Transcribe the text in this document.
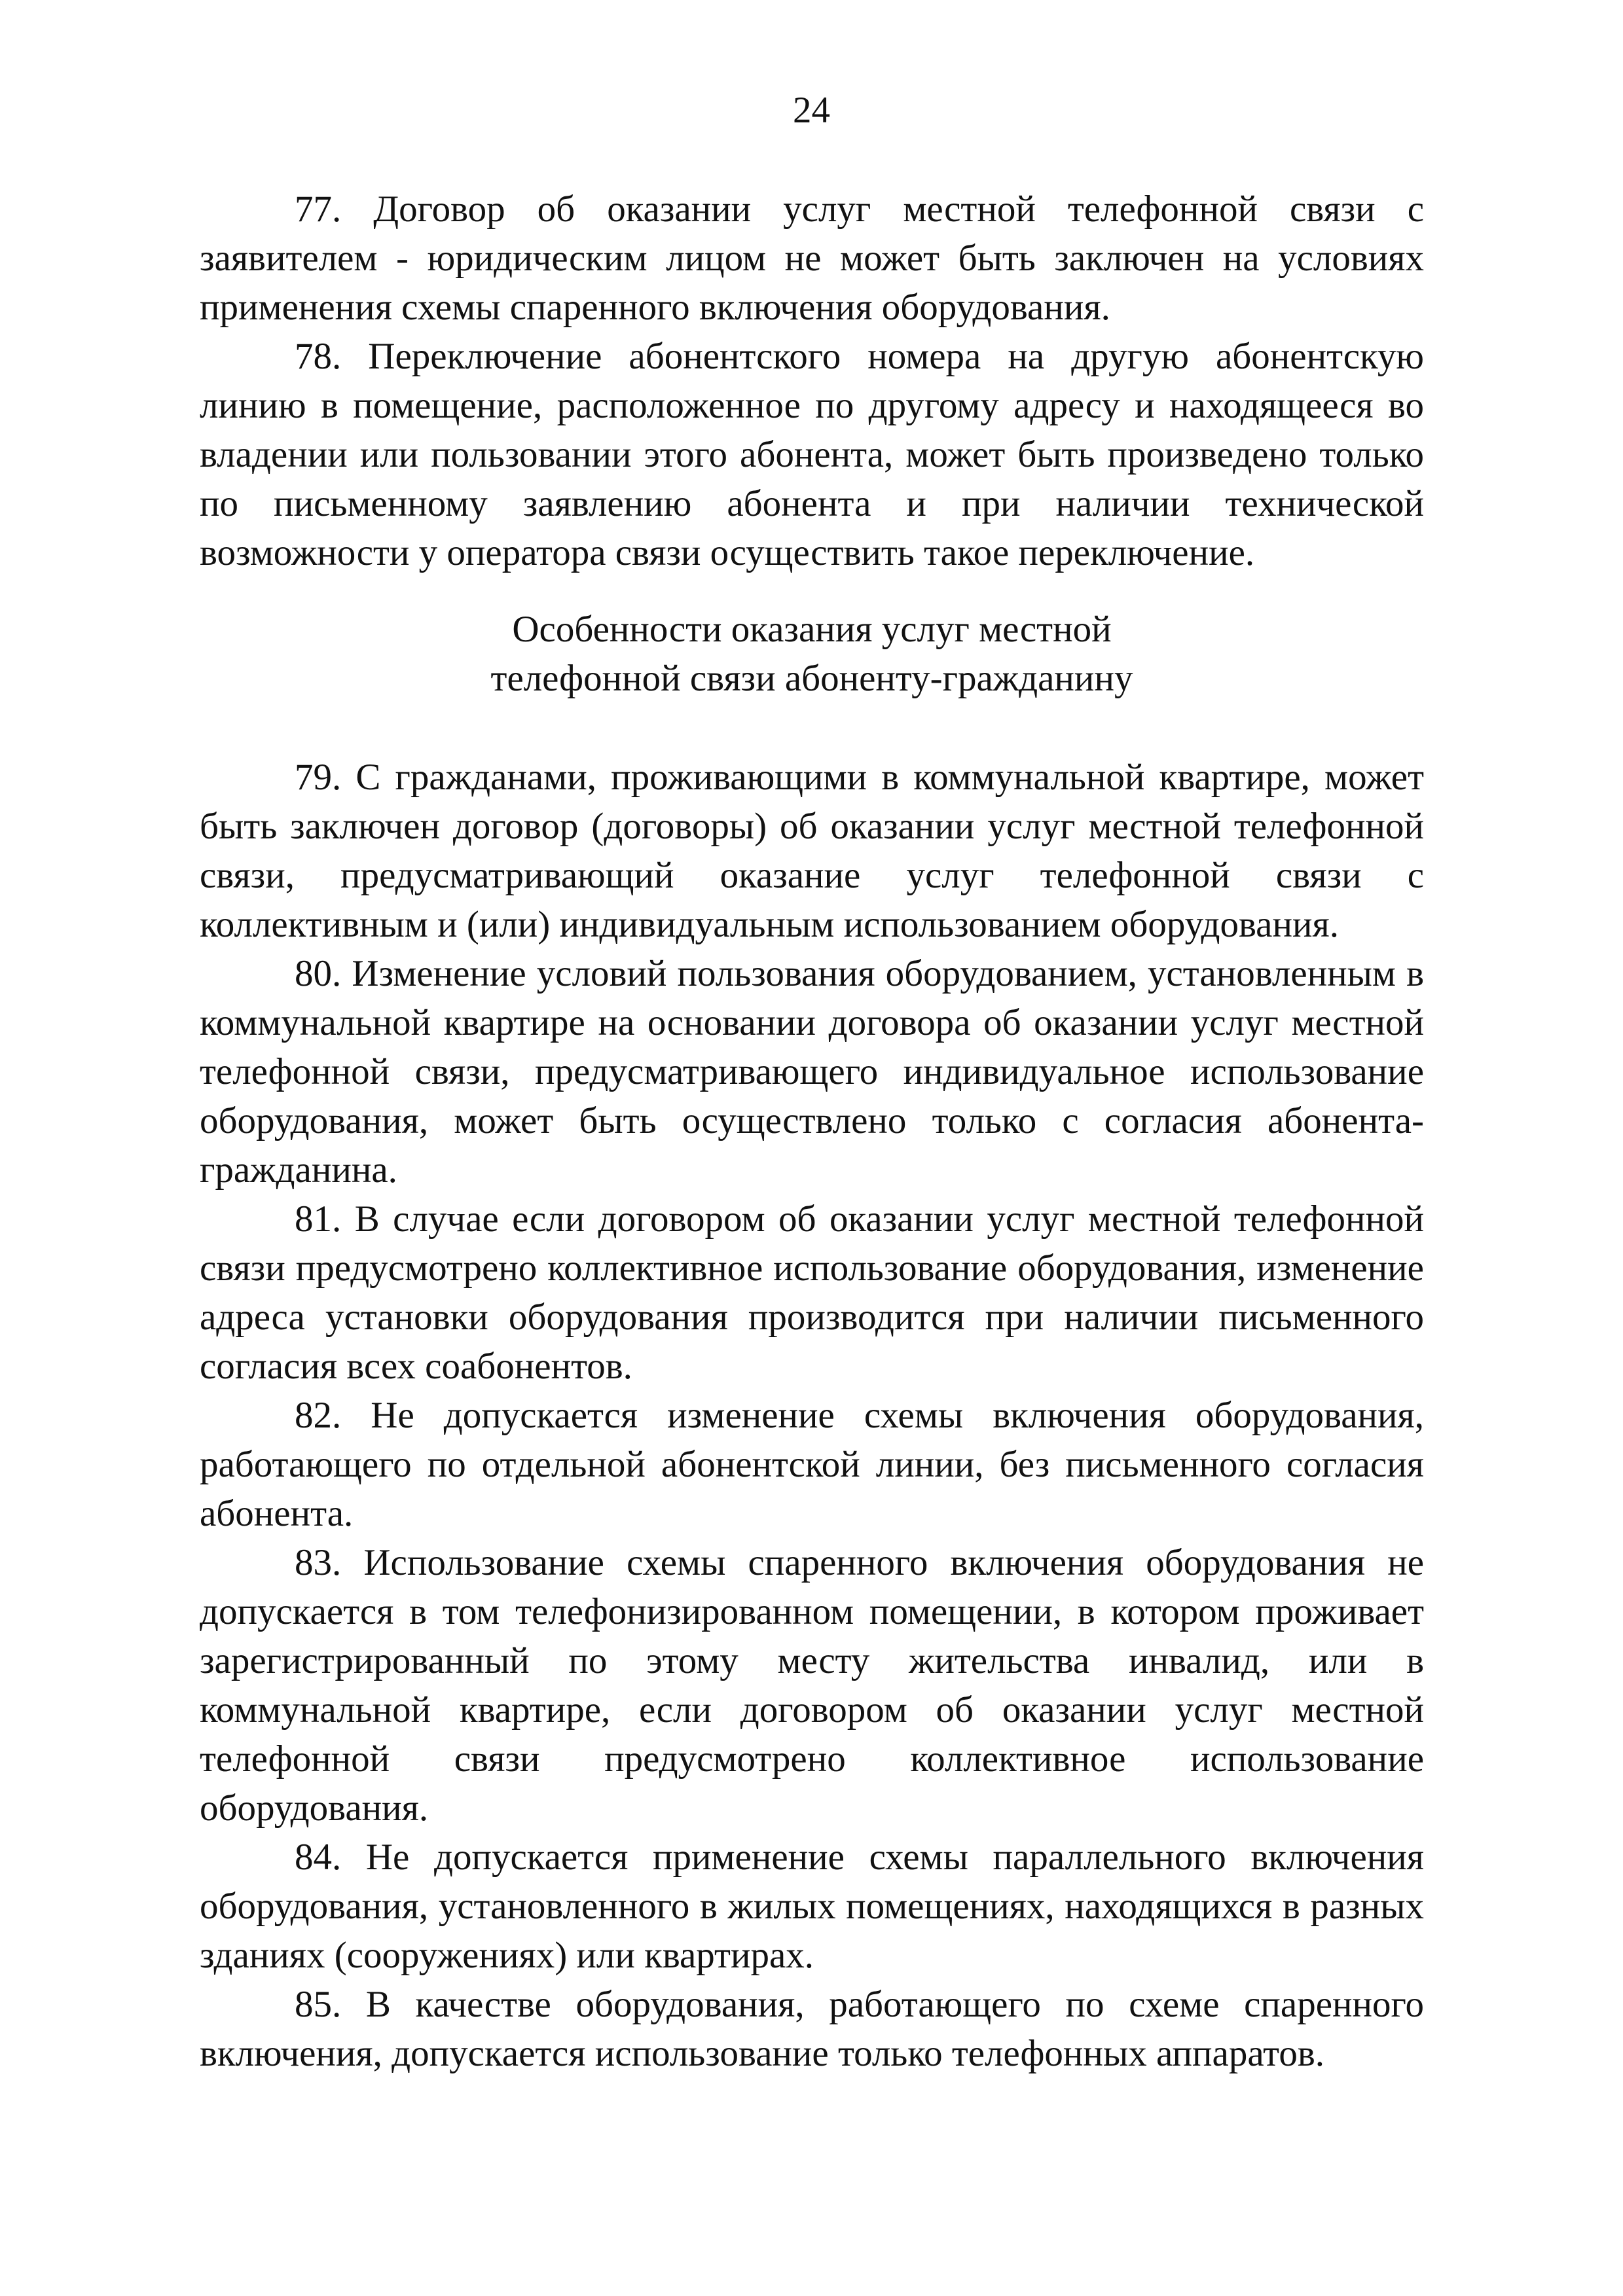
24

77. Договор об оказании услуг местной телефонной связи с заявителем - юридическим лицом не может быть заключен на условиях применения схемы спаренного включения оборудования.

78. Переключение абонентского номера на другую абонентскую линию в помещение, расположенное по другому адресу и находящееся во владении или пользовании этого абонента, может быть произведено только по письменному заявлению абонента и при наличии технической возможности у оператора связи осуществить такое переключение.

Особенности оказания услуг местной
телефонной связи абоненту-гражданину

79. С гражданами, проживающими в коммунальной квартире, может быть заключен договор (договоры) об оказании услуг местной телефонной связи, предусматривающий оказание услуг телефонной связи с коллективным и (или) индивидуальным использованием оборудования.

80. Изменение условий пользования оборудованием, установленным в коммунальной квартире на основании договора об оказании услуг местной телефонной связи, предусматривающего индивидуальное использование оборудования, может быть осуществлено только с согласия абонента-гражданина.

81. В случае если договором об оказании услуг местной телефонной связи предусмотрено коллективное использование оборудования, изменение адреса установки оборудования производится при наличии письменного согласия всех соабонентов.

82. Не допускается изменение схемы включения оборудования, работающего по отдельной абонентской линии, без письменного согласия абонента.

83. Использование схемы спаренного включения оборудования не допускается в том телефонизированном помещении, в котором проживает зарегистрированный по этому месту жительства инвалид, или в коммунальной квартире, если договором об оказании услуг местной телефонной связи предусмотрено коллективное использование оборудования.

84. Не допускается применение схемы параллельного включения оборудования, установленного в жилых помещениях, находящихся в разных зданиях (сооружениях) или квартирах.

85. В качестве оборудования, работающего по схеме спаренного включения, допускается использование только телефонных аппаратов.
